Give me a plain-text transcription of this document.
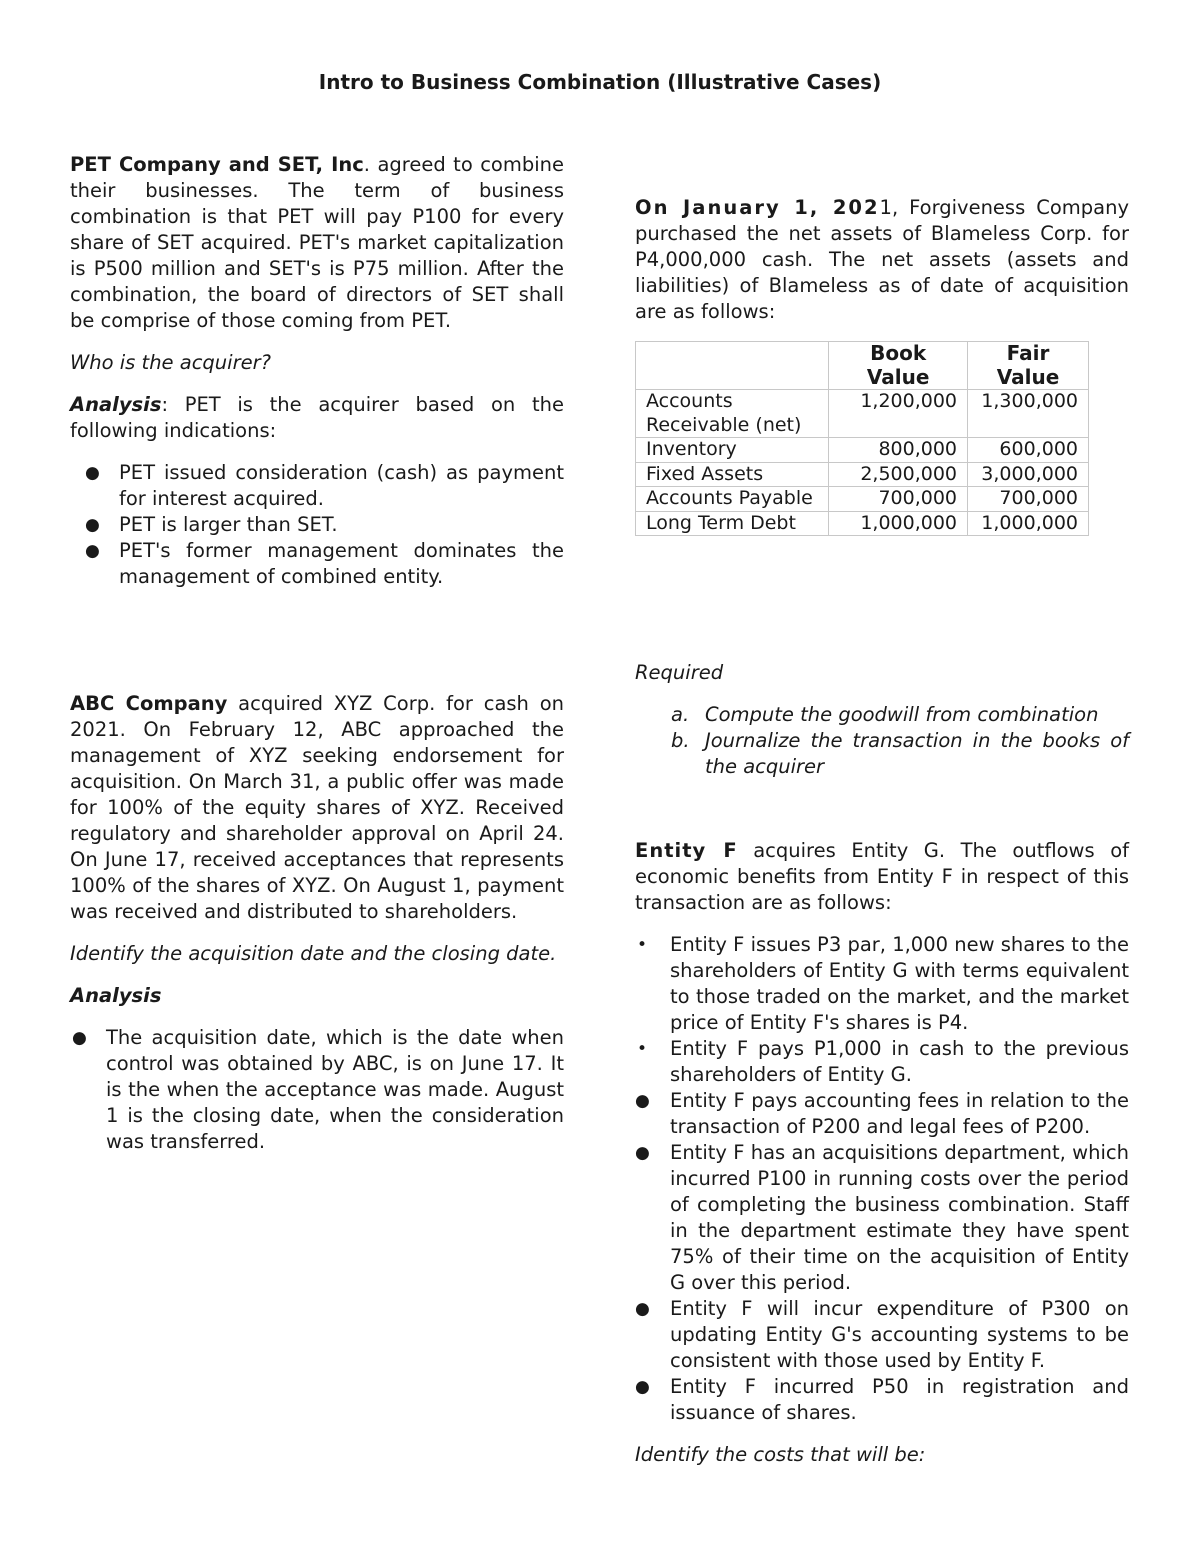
Intro to Business Combination (Illustrative Cases)

PET Company and SET, Inc. agreed to combine their businesses. The term of business combination is that PET will pay P100 for every share of SET acquired. PET's market capitalization is P500 million and SET's is P75 million. After the combination, the board of directors of SET shall be comprise of those coming from PET.

Who is the acquirer?

Analysis: PET is the acquirer based on the following indications:

● PET issued consideration (cash) as payment for interest acquired.
● PET is larger than SET.
● PET's former management dominates the management of combined entity.

ABC Company acquired XYZ Corp. for cash on 2021. On February 12, ABC approached the management of XYZ seeking endorsement for acquisition. On March 31, a public offer was made for 100% of the equity shares of XYZ. Received regulatory and shareholder approval on April 24. On June 17, received acceptances that represents 100% of the shares of XYZ. On August 1, payment was received and distributed to shareholders.

Identify the acquisition date and the closing date.

Analysis

● The acquisition date, which is the date when control was obtained by ABC, is on June 17. It is the when the acceptance was made. August 1 is the closing date, when the consideration was transferred.

On January 1, 2021, Forgiveness Company purchased the net assets of Blameless Corp. for P4,000,000 cash. The net assets (assets and liabilities) of Blameless as of date of acquisition are as follows:

	Book Value	Fair Value
Accounts Receivable (net)	1,200,000	1,300,000
Inventory	800,000	600,000
Fixed Assets	2,500,000	3,000,000
Accounts Payable	700,000	700,000
Long Term Debt	1,000,000	1,000,000

Required

a. Compute the goodwill from combination
b. Journalize the transaction in the books of the acquirer

Entity F acquires Entity G. The outflows of economic benefits from Entity F in respect of this transaction are as follows:

• Entity F issues P3 par, 1,000 new shares to the shareholders of Entity G with terms equivalent to those traded on the market, and the market price of Entity F's shares is P4.
• Entity F pays P1,000 in cash to the previous shareholders of Entity G.
● Entity F pays accounting fees in relation to the transaction of P200 and legal fees of P200.
● Entity F has an acquisitions department, which incurred P100 in running costs over the period of completing the business combination. Staff in the department estimate they have spent 75% of their time on the acquisition of Entity G over this period.
● Entity F will incur expenditure of P300 on updating Entity G's accounting systems to be consistent with those used by Entity F.
● Entity F incurred P50 in registration and issuance of shares.

Identify the costs that will be:
